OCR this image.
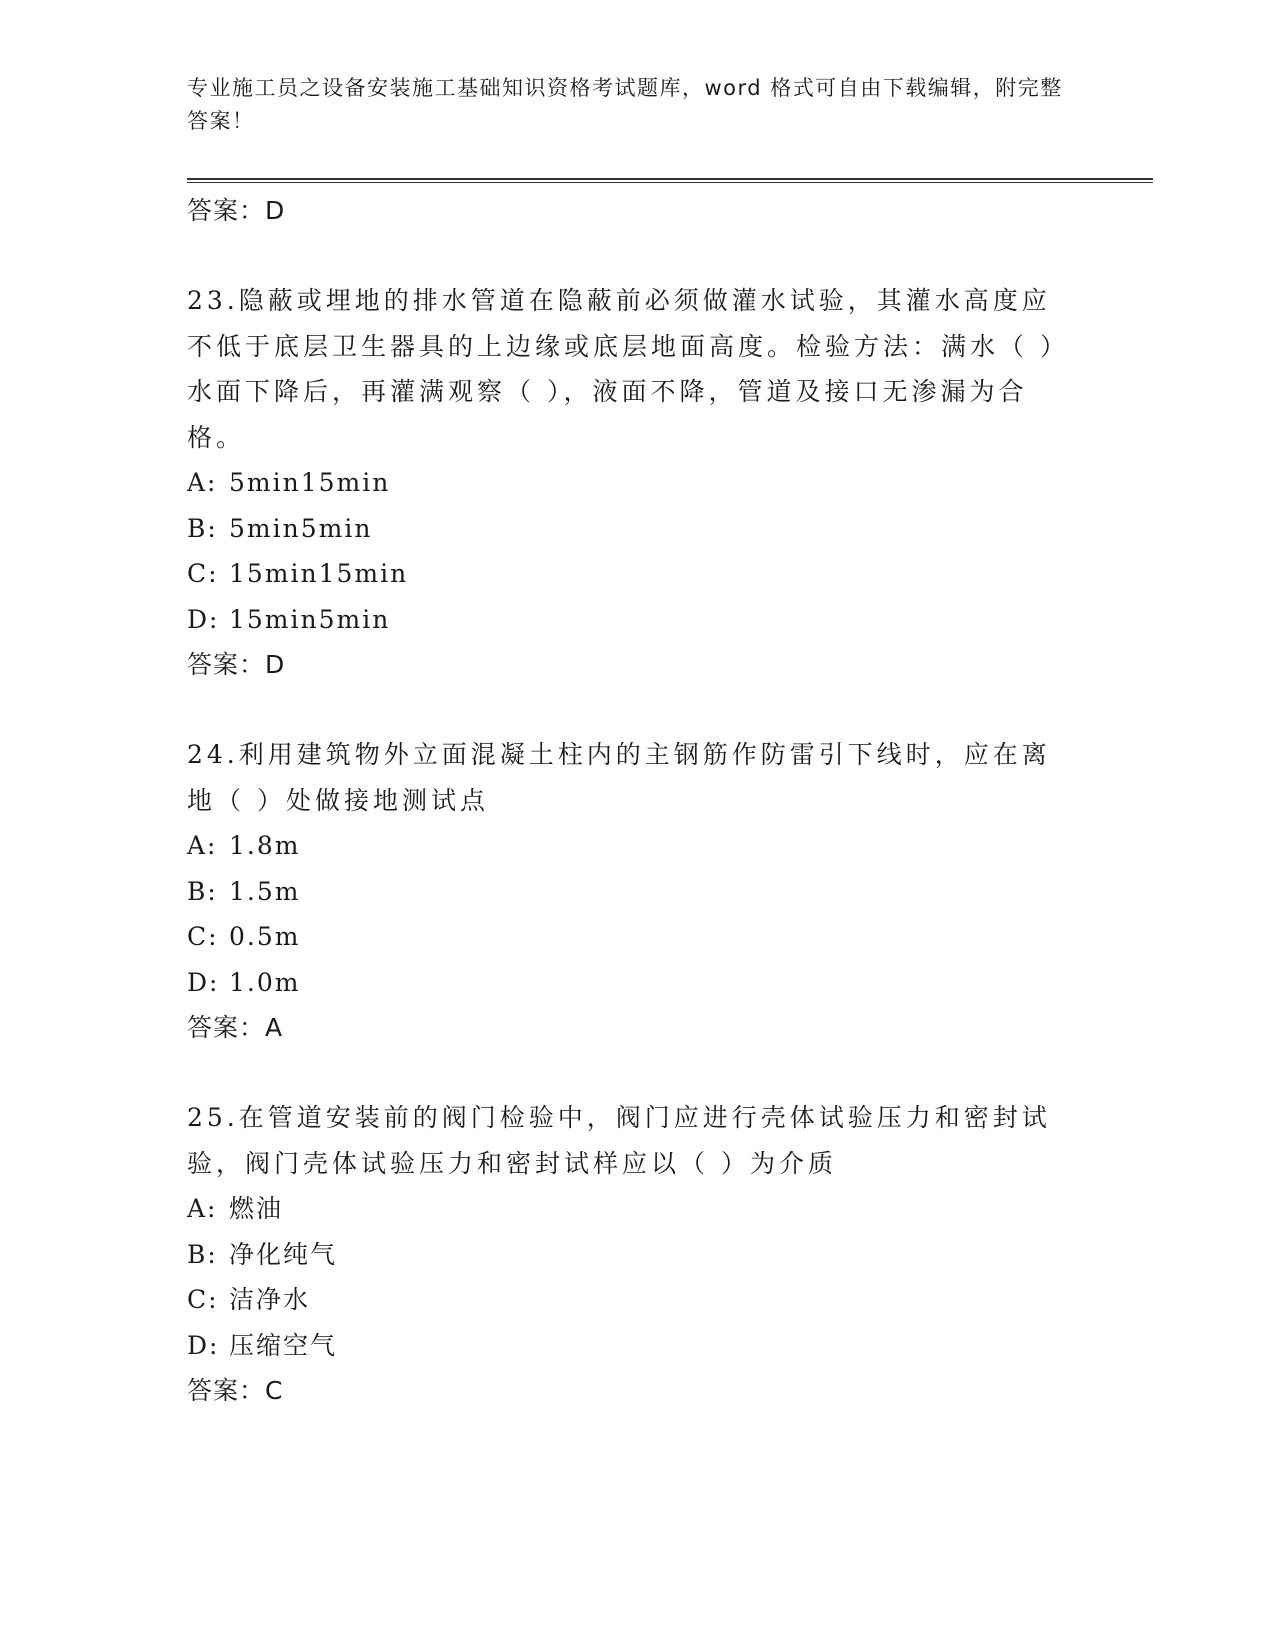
专业施工员之设备安装施工基础知识资格考试题库，word 格式可自由下载编辑，附完整答案！
答案：D
23.隐蔽或埋地的排水管道在隐蔽前必须做灌水试验，其灌水高度应不低于底层卫生器具的上边缘或底层地面高度。检验方法：满水（ ）水面下降后，再灌满观察（ ），液面不降，管道及接口无渗漏为合格。
A: 5min15min
B: 5min5min
C: 15min15min
D: 15min5min
答案：D
24.利用建筑物外立面混凝土柱内的主钢筋作防雷引下线时，应在离地（ ）处做接地测试点
A: 1.8m
B: 1.5m
C: 0.5m
D: 1.0m
答案：A
25.在管道安装前的阀门检验中，阀门应进行壳体试验压力和密封试验，阀门壳体试验压力和密封试样应以（ ）为介质
A: 燃油
B: 净化纯气
C: 洁净水
D: 压缩空气
答案：C
